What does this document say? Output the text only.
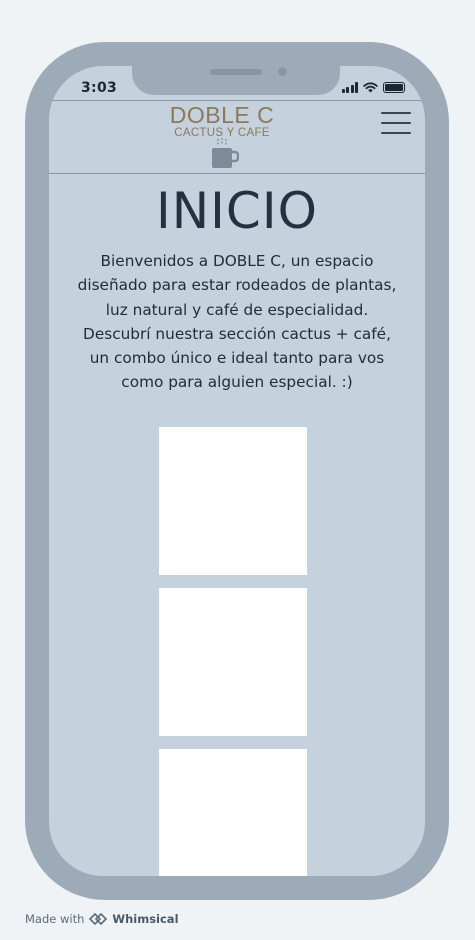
3:03
DOBLE C
CACTUS Y CAFE
INICIO

Bienvenidos a DOBLE C, un espacio diseñado para estar rodeados de plantas, luz natural y café de especialidad. Descubrí nuestra sección cactus + café, un combo único e ideal tanto para vos como para alguien especial. :)

Made with Whimsical
